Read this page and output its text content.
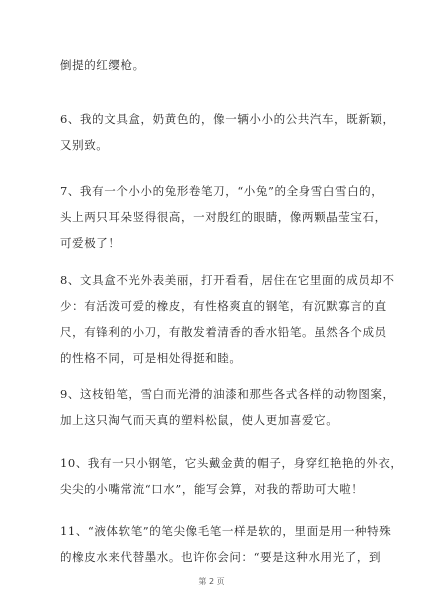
倒提的红缨枪。
6、我的文具盒，奶黄色的，像一辆小小的公共汽车，既新颖，
又别致。
7、我有一个小小的兔形卷笔刀，“小兔”的全身雪白雪白的，
头上两只耳朵竖得很高，一对殷红的眼睛，像两颗晶莹宝石，
可爱极了！
8、文具盒不光外表美丽，打开看看，居住在它里面的成员却不
少：有活泼可爱的橡皮，有性格爽直的钢笔，有沉默寡言的直
尺，有锋利的小刀，有散发着清香的香水铅笔。虽然各个成员
的性格不同，可是相处得挺和睦。
9、这枝铅笔，雪白而光滑的油漆和那些各式各样的动物图案，
加上这只淘气而天真的塑料松鼠，使人更加喜爱它。
10、我有一只小钢笔，它头戴金黄的帽子，身穿红艳艳的外衣，
尖尖的小嘴常流“口水”，能写会算，对我的帮助可大啦！
11、“液体软笔”的笔尖像毛笔一样是软的，里面是用一种特殊
的橡皮水来代替墨水。也许你会问：“要是这种水用光了，到
第 2 页
